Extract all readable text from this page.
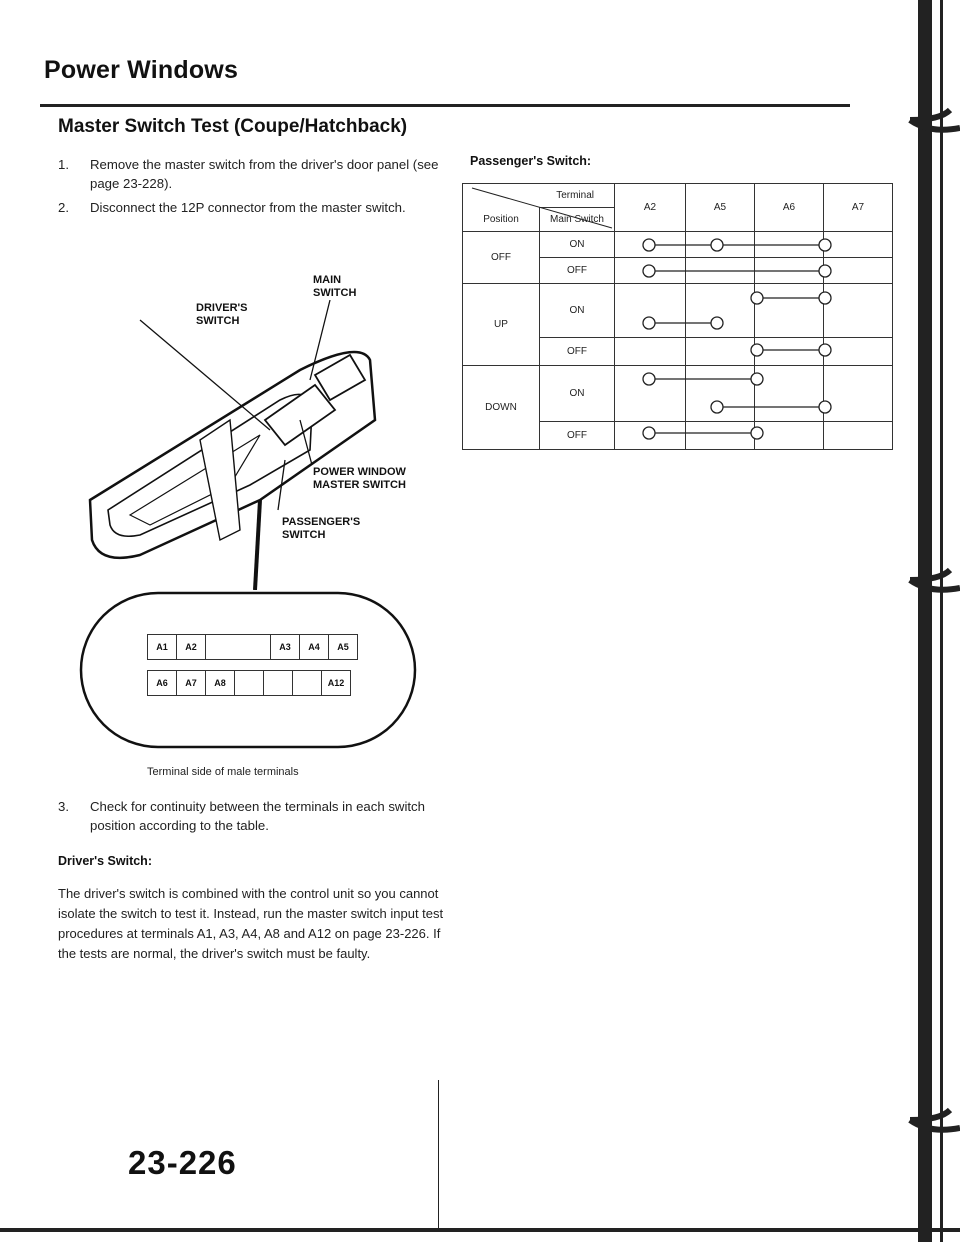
Power Windows
Master Switch Test (Coupe/Hatchback)
1. Remove the master switch from the driver's door panel (see page 23-228).
2. Disconnect the 12P connector from the master switch.
MAIN SWITCH
DRIVER'S SWITCH
POWER WINDOW MASTER SWITCH
PASSENGER'S SWITCH
A1	A2		A3	A4	A5
A6	A7	A8				A12
Terminal side of male terminals
3. Check for continuity between the terminals in each switch position according to the table.
Driver's Switch:
The driver's switch is combined with the control unit so you cannot isolate the switch to test it. Instead, run the master switch input test procedures at terminals A1, A3, A4, A8 and A12 on page 23-226. If the tests are normal, the driver's switch must be faulty.
Passenger's Switch:
Terminal		A2	A5	A6	A7
Position	Main Switch				
OFF	ON				
	OFF				
UP	ON				
	OFF				
DOWN	ON				
	OFF				
23-226
